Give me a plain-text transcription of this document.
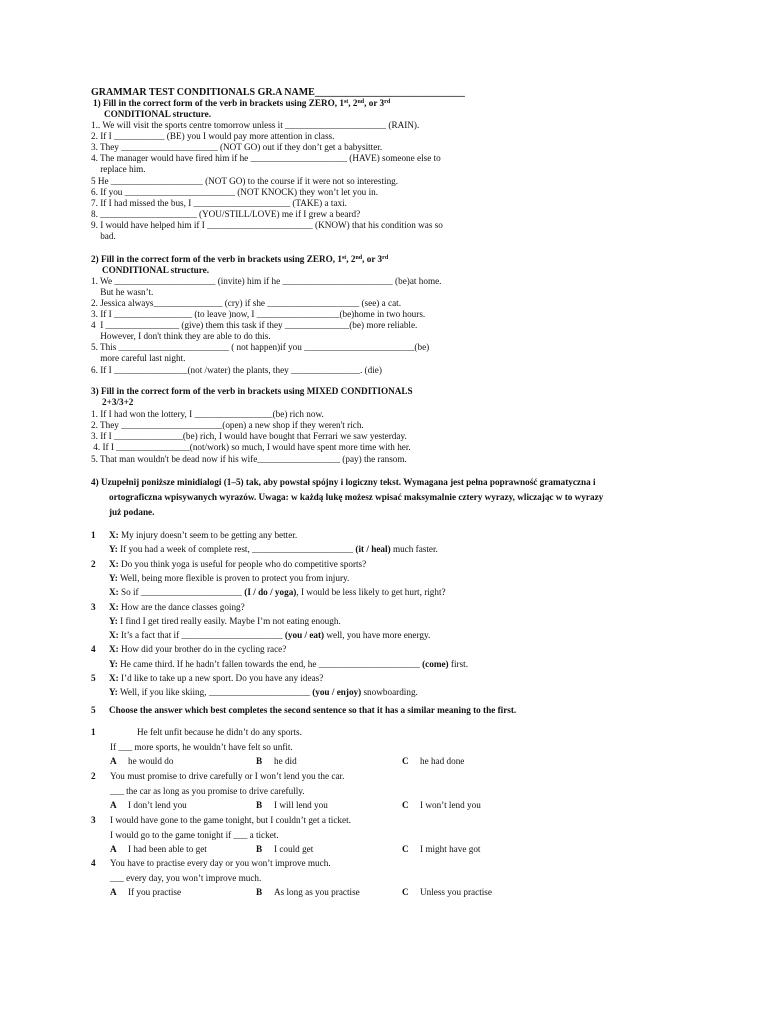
GRAMMAR TEST CONDITIONALS GR.A NAME______________________________
1) Fill in the correct form of the verb in brackets using ZERO, 1st, 2nd, or 3rd
CONDITIONAL structure.
1.. We will visit the sports centre tomorrow unless it ______________________ (RAIN).
2. If I ___________ (BE) you I would pay more attention in class.
3. They _____________________ (NOT GO) out if they don’t get a babysitter.
4. The manager would have fired him if he _____________________ (HAVE) someone else to
replace him.
5 He ____________________ (NOT GO) to the course if it were not so interesting.
6. If you ________________________ (NOT KNOCK) they won’t let you in.
7. If I had missed the bus, I _____________________ (TAKE) a taxi.
8. _____________________ (YOU/STILL/LOVE) me if I grew a beard?
9. I would have helped him if I _______________________ (KNOW) that his condition was so
bad.
2) Fill in the correct form of the verb in brackets using ZERO, 1st, 2nd, or 3rd
CONDITIONAL structure.
1. We ______________________ (invite) him if he ________________________ (be)at home.
But he wasn’t.
2. Jessica always_______________ (cry) if she ____________________ (see) a cat.
3. If I _________________ (to leave )now, I __________________(be)home in two hours.
4  I ________________ (give) them this task if they ______________(be) more reliable.
However, I don't think they are able to do this.
5. This ________________________ ( not happen)if you ________________________(be)
more careful last night.
6. If I ________________(not /water) the plants, they _______________. (die)
3) Fill in the correct form of the verb in brackets using MIXED CONDITIONALS
2+3/3+2
1. If I had won the lottery, I _________________(be) rich now.
2. They ______________________(open) a new shop if they weren't rich.
3. If I _______________(be) rich, I would have bought that Ferrari we saw yesterday.
4. If I ________________(not/work) so much, I would have spent more time with her.
5. That man wouldn't be dead now if his wife__________________ (pay) the ransom.
4) Uzupełnij poniższe minidialogi (1–5) tak, aby powstał spójny i logiczny tekst. Wymagana jest pełna poprawność gramatyczna i
ortograficzna wpisywanych wyrazów. Uwaga: w każdą lukę możesz wpisać maksymalnie cztery wyrazy, wliczając w to wyrazy
już podane.
1 X: My injury doesn’t seem to be getting any better.
Y: If you had a week of complete rest, ______________________ (it / heal) much faster.
2 X: Do you think yoga is useful for people who do competitive sports?
Y: Well, being more flexible is proven to protect you from injury.
X: So if ______________________ (I / do / yoga), I would be less likely to get hurt, right?
3 X: How are the dance classes going?
Y: I find I get tired really easily. Maybe I’m not eating enough.
X: It’s a fact that if ______________________ (you / eat) well, you have more energy.
4 X: How did your brother do in the cycling race?
Y: He came third. If he hadn’t fallen towards the end, he ______________________ (come) first.
5 X: I’d like to take up a new sport. Do you have any ideas?
Y: Well, if you like skiing, ______________________ (you / enjoy) snowboarding.
5 Choose the answer which best completes the second sentence so that it has a similar meaning to the first.
1	He felt unfit because he didn’t do any sports.
If ___ more sports, he wouldn’t have felt so unfit.
A he would do	B he did	C he had done
2 You must promise to drive carefully or I won’t lend you the car.
___ the car as long as you promise to drive carefully.
A I don’t lend you	B I will lend you	C I won’t lend you
3 I would have gone to the game tonight, but I couldn’t get a ticket.
I would go to the game tonight if ___ a ticket.
A I had been able to get	B I could get	C I might have got
4 You have to practise every day or you won’t improve much.
___ every day, you won’t improve much.
A If you practise	B As long as you practise	C Unless you practise
